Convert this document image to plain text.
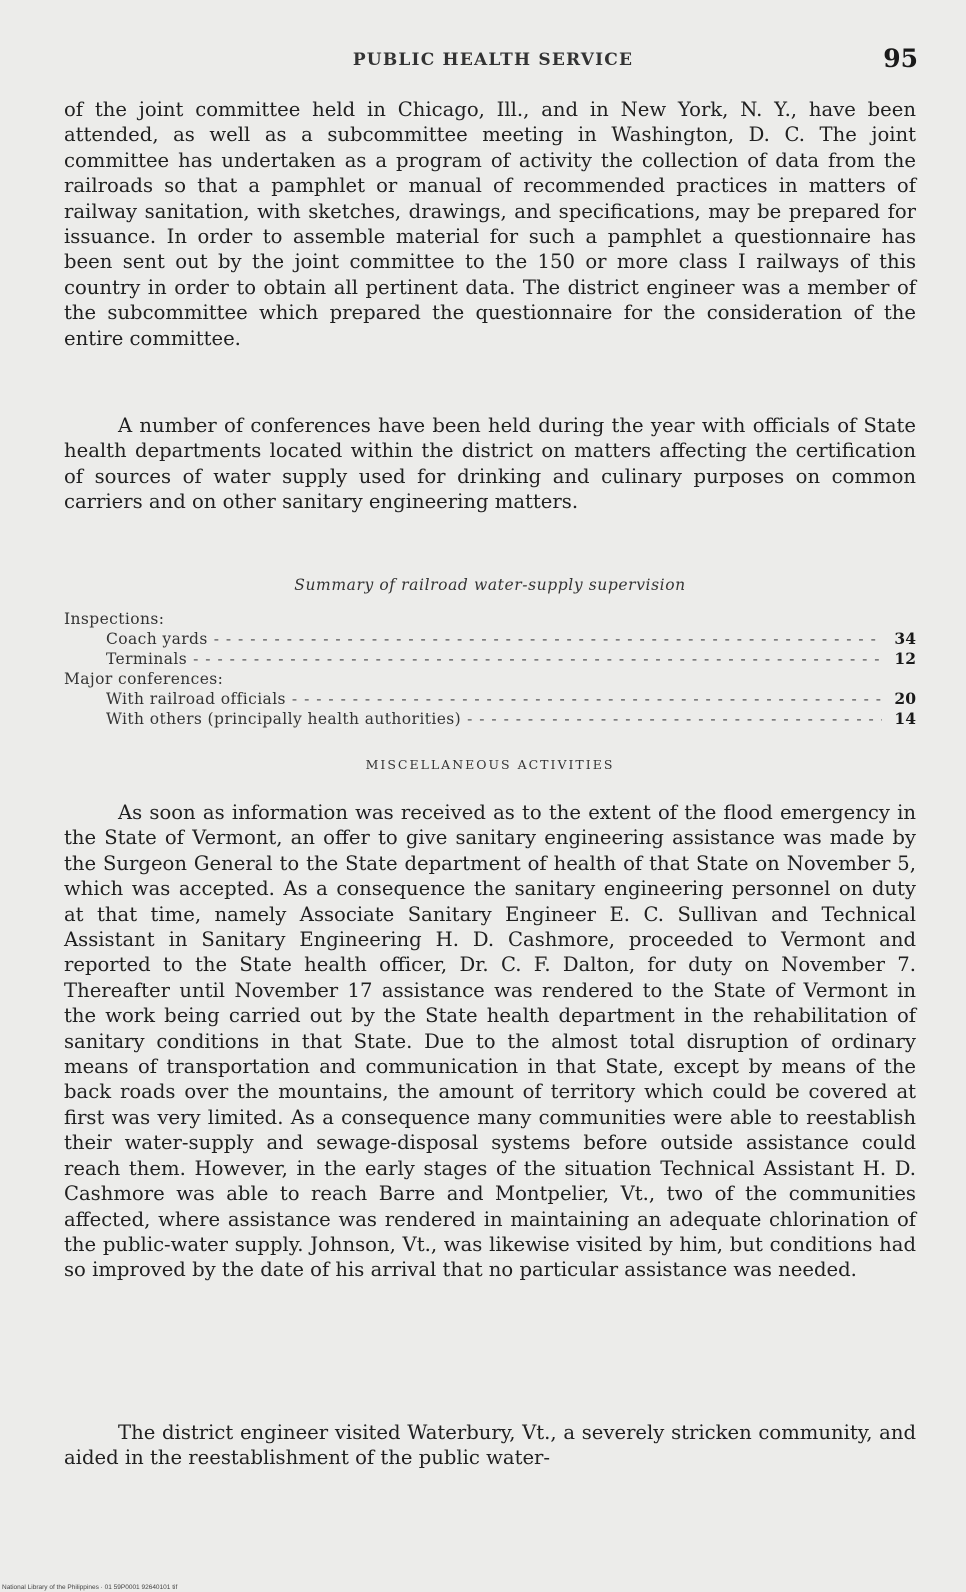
PUBLIC HEALTH SERVICE	95

of the joint committee held in Chicago, Ill., and in New York, N. Y., have been attended, as well as a subcommittee meeting in Washington, D. C. The joint committee has undertaken as a program of activity the collection of data from the railroads so that a pamphlet or manual of recommended practices in matters of railway sanitation, with sketches, drawings, and specifications, may be prepared for issuance. In order to assemble material for such a pamphlet a questionnaire has been sent out by the joint committee to the 150 or more class I railways of this country in order to obtain all pertinent data. The district engineer was a member of the subcommittee which prepared the questionnaire for the consideration of the entire committee.

A number of conferences have been held during the year with officials of State health departments located within the district on matters affecting the certification of sources of water supply used for drinking and culinary purposes on common carriers and on other sanitary engineering matters.

Summary of railroad water-supply supervision
Inspections:
Coach yards - - -	34
Terminals - - -	12
Major conferences:
With railroad officials - - -	20
With others (principally health authorities) - - -	14
MISCELLANEOUS ACTIVITIES

As soon as information was received as to the extent of the flood emergency in the State of Vermont, an offer to give sanitary engineering assistance was made by the Surgeon General to the State department of health of that State on November 5, which was accepted. As a consequence the sanitary engineering personnel on duty at that time, namely Associate Sanitary Engineer E. C. Sullivan and Technical Assistant in Sanitary Engineering H. D. Cashmore, proceeded to Vermont and reported to the State health officer, Dr. C. F. Dalton, for duty on November 7. Thereafter until November 17 assistance was rendered to the State of Vermont in the work being carried out by the State health department in the rehabilitation of sanitary conditions in that State. Due to the almost total disruption of ordinary means of transportation and communication in that State, except by means of the back roads over the mountains, the amount of territory which could be covered at first was very limited. As a consequence many communities were able to reestablish their water-supply and sewage-disposal systems before outside assistance could reach them. However, in the early stages of the situation Technical Assistant H. D. Cashmore was able to reach Barre and Montpelier, Vt., two of the communities affected, where assistance was rendered in maintaining an adequate chlorination of the public-water supply. Johnson, Vt., was likewise visited by him, but conditions had so improved by the date of his arrival that no particular assistance was needed.

The district engineer visited Waterbury, Vt., a severely stricken community, and aided in the reestablishment of the public water-

National Library of the Philippines · 01 59P0001 92640101 tif
